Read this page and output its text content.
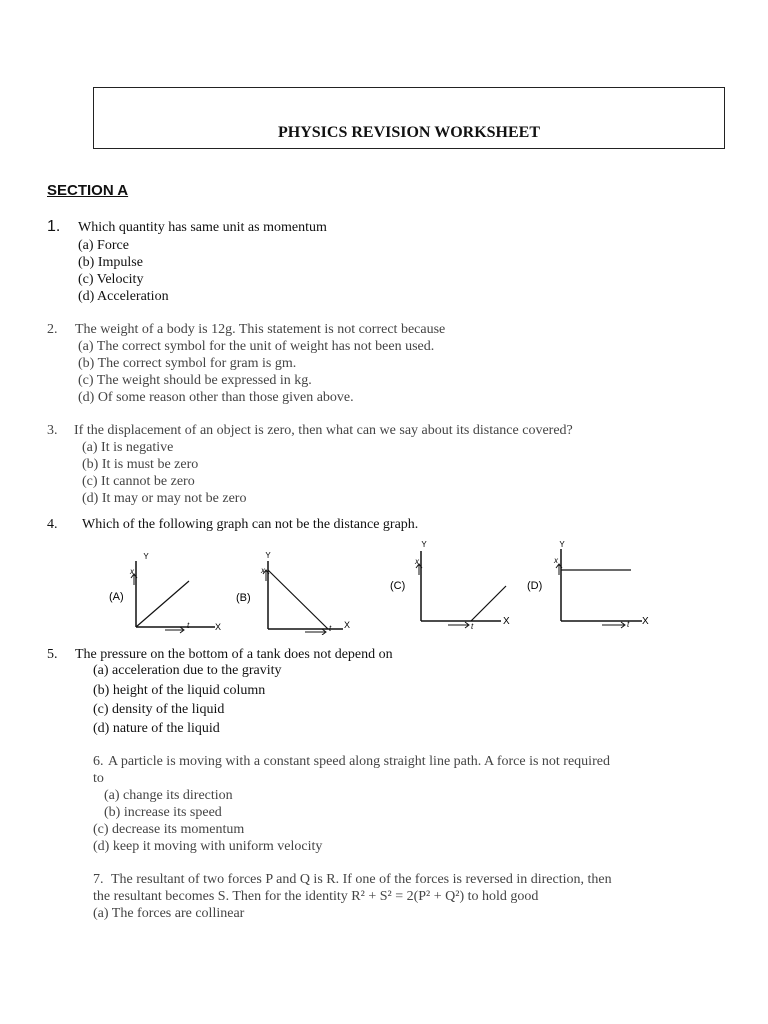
PHYSICS REVISION WORKSHEET
SECTION A
1. Which quantity has same unit as momentum
(a) Force
(b) Impulse
(c) Velocity
(d) Acceleration
2. The weight of a body is 12g. This statement is not correct because
(a) The correct symbol for the unit of weight has not been used.
(b) The correct symbol for gram is gm.
(c) The weight should be expressed in kg.
(d) Of some reason other than those given above.
3. If the displacement of an object is zero, then what can we say about its distance covered?
(a) It is negative
(b) It is must be zero
(c) It cannot be zero
(d) It may or may not be zero
4. Which of the following graph can not be the distance graph.
Y
x
(A)
t	X
Y
x
(B)
t X
Y
x
(C)
t	X
Y
x
(D)
t X
5. The pressure on the bottom of a tank does not depend on
(a) acceleration due to the gravity
(b) height of the liquid column
(c) density of the liquid
(d) nature of the liquid
6. A particle is moving with a constant speed along straight line path. A force is not required
to
(a) change its direction
(b) increase its speed
(c) decrease its momentum
(d) keep it moving with uniform velocity
7. The resultant of two forces P and Q is R. If one of the forces is reversed in direction, then
the resultant becomes S. Then for the identity R² + S² = 2(P² + Q²) to hold good
(a) The forces are collinear
